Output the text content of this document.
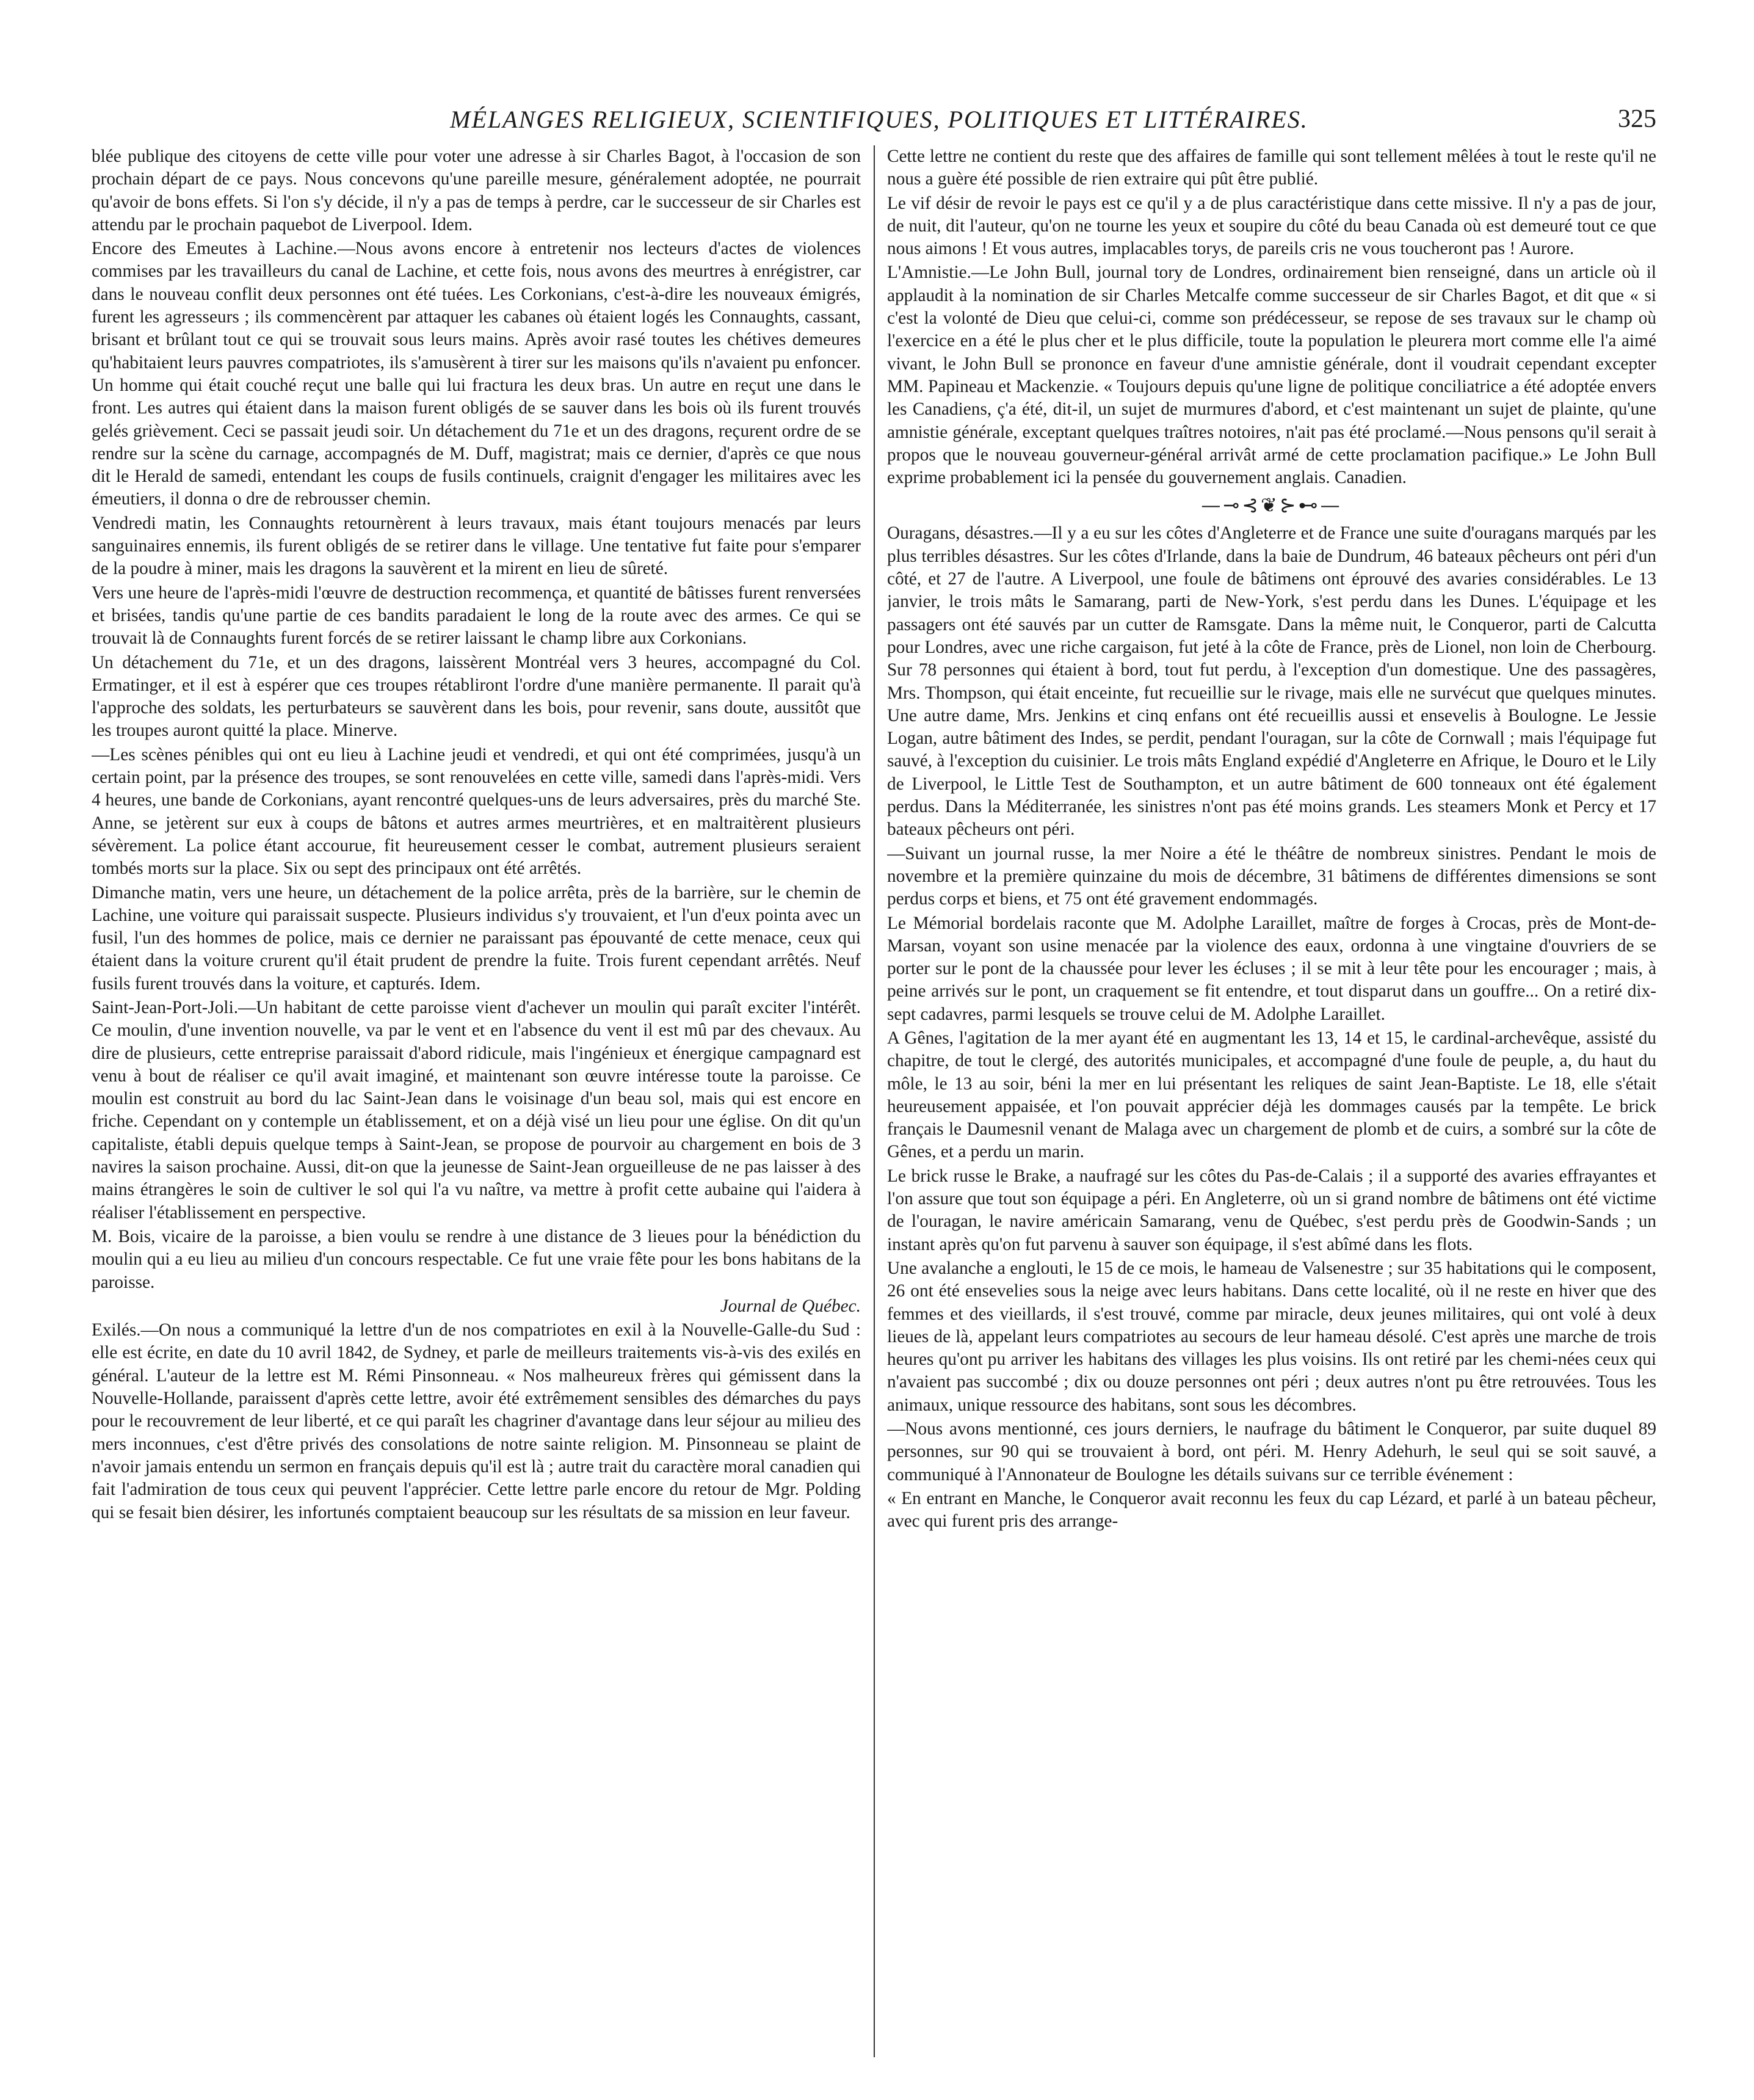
MÉLANGES RELIGIEUX, SCIENTIFIQUES, POLITIQUES ET LITTÉRAIRES.	325

blée publique des citoyens de cette ville pour voter une adresse à sir Charles Bagot, à l'occasion de son prochain départ de ce pays. Nous concevons qu'une pareille mesure, généralement adoptée, ne pourrait qu'avoir de bons effets. Si l'on s'y décide, il n'y a pas de temps à perdre, car le successeur de sir Charles est attendu par le prochain paquebot de Liverpool. Idem.

Encore des Emeutes à Lachine.—Nous avons encore à entretenir nos lecteurs d'actes de violences commises par les travailleurs du canal de Lachine, et cette fois, nous avons des meurtres à enrégistrer, car dans le nouveau conflit deux personnes ont été tuées. Les Corkonians, c'est-à-dire les nouveaux émigrés, furent les agresseurs ; ils commencèrent par attaquer les cabanes où étaient logés les Connaughts, cassant, brisant et brûlant tout ce qui se trouvait sous leurs mains. Après avoir rasé toutes les chétives demeures qu'habitaient leurs pauvres compatriotes, ils s'amusèrent à tirer sur les maisons qu'ils n'avaient pu enfoncer. Un homme qui était couché reçut une balle qui lui fractura les deux bras. Un autre en reçut une dans le front. Les autres qui étaient dans la maison furent obligés de se sauver dans les bois où ils furent trouvés gelés grièvement. Ceci se passait jeudi soir. Un détachement du 71e et un des dragons, reçurent ordre de se rendre sur la scène du carnage, accompagnés de M. Duff, magistrat; mais ce dernier, d'après ce que nous dit le Herald de samedi, entendant les coups de fusils continuels, craignit d'engager les militaires avec les émeutiers, il donna o dre de rebrousser chemin.

Vendredi matin, les Connaughts retournèrent à leurs travaux, mais étant toujours menacés par leurs sanguinaires ennemis, ils furent obligés de se retirer dans le village. Une tentative fut faite pour s'emparer de la poudre à miner, mais les dragons la sauvèrent et la mirent en lieu de sûreté.

Vers une heure de l'après-midi l'œuvre de destruction recommença, et quantité de bâtisses furent renversées et brisées, tandis qu'une partie de ces bandits paradaient le long de la route avec des armes. Ce qui se trouvait là de Connaughts furent forcés de se retirer laissant le champ libre aux Corkonians.

Un détachement du 71e, et un des dragons, laissèrent Montréal vers 3 heures, accompagné du Col. Ermatinger, et il est à espérer que ces troupes rétabliront l'ordre d'une manière permanente. Il parait qu'à l'approche des soldats, les perturbateurs se sauvèrent dans les bois, pour revenir, sans doute, aussitôt que les troupes auront quitté la place. Minerve.

—Les scènes pénibles qui ont eu lieu à Lachine jeudi et vendredi, et qui ont été comprimées, jusqu'à un certain point, par la présence des troupes, se sont renouvelées en cette ville, samedi dans l'après-midi. Vers 4 heures, une bande de Corkonians, ayant rencontré quelques-uns de leurs adversaires, près du marché Ste. Anne, se jetèrent sur eux à coups de bâtons et autres armes meurtrières, et en maltraitèrent plusieurs sévèrement. La police étant accourue, fit heureusement cesser le combat, autrement plusieurs seraient tombés morts sur la place. Six ou sept des principaux ont été arrêtés.

Dimanche matin, vers une heure, un détachement de la police arrêta, près de la barrière, sur le chemin de Lachine, une voiture qui paraissait suspecte. Plusieurs individus s'y trouvaient, et l'un d'eux pointa avec un fusil, l'un des hommes de police, mais ce dernier ne paraissant pas épouvanté de cette menace, ceux qui étaient dans la voiture crurent qu'il était prudent de prendre la fuite. Trois furent cependant arrêtés. Neuf fusils furent trouvés dans la voiture, et capturés. Idem.

Saint-Jean-Port-Joli.—Un habitant de cette paroisse vient d'achever un moulin qui paraît exciter l'intérêt. Ce moulin, d'une invention nouvelle, va par le vent et en l'absence du vent il est mû par des chevaux. Au dire de plusieurs, cette entreprise paraissait d'abord ridicule, mais l'ingénieux et énergique campagnard est venu à bout de réaliser ce qu'il avait imaginé, et maintenant son œuvre intéresse toute la paroisse. Ce moulin est construit au bord du lac Saint-Jean dans le voisinage d'un beau sol, mais qui est encore en friche. Cependant on y contemple un établissement, et on a déjà visé un lieu pour une église. On dit qu'un capitaliste, établi depuis quelque temps à Saint-Jean, se propose de pourvoir au chargement en bois de 3 navires la saison prochaine. Aussi, dit-on que la jeunesse de Saint-Jean orgueilleuse de ne pas laisser à des mains étrangères le soin de cultiver le sol qui l'a vu naître, va mettre à profit cette aubaine qui l'aidera à réaliser l'établissement en perspective.

M. Bois, vicaire de la paroisse, a bien voulu se rendre à une distance de 3 lieues pour la bénédiction du moulin qui a eu lieu au milieu d'un concours respectable. Ce fut une vraie fête pour les bons habitans de la paroisse.

Journal de Québec.

Exilés.—On nous a communiqué la lettre d'un de nos compatriotes en exil à la Nouvelle-Galle-du Sud : elle est écrite, en date du 10 avril 1842, de Sydney, et parle de meilleurs traitements vis-à-vis des exilés en général. L'auteur de la lettre est M. Rémi Pinsonneau. « Nos malheureux frères qui gémissent dans la Nouvelle-Hollande, paraissent d'après cette lettre, avoir été extrêmement sensibles des démarches du pays pour le recouvrement de leur liberté, et ce qui paraît les chagriner d'avantage dans leur séjour au milieu des mers inconnues, c'est d'être privés des consolations de notre sainte religion. M. Pinsonneau se plaint de n'avoir jamais entendu un sermon en français depuis qu'il est là ; autre trait du caractère moral canadien qui fait l'admiration de tous ceux qui peuvent l'apprécier. Cette lettre parle encore du retour de Mgr. Polding qui se fesait bien désirer, les infortunés comptaient beaucoup sur les résultats de sa mission en leur faveur.

Cette lettre ne contient du reste que des affaires de famille qui sont tellement mêlées à tout le reste qu'il ne nous a guère été possible de rien extraire qui pût être publié.

Le vif désir de revoir le pays est ce qu'il y a de plus caractéristique dans cette missive. Il n'y a pas de jour, de nuit, dit l'auteur, qu'on ne tourne les yeux et soupire du côté du beau Canada où est demeuré tout ce que nous aimons ! Et vous autres, implacables torys, de pareils cris ne vous toucheront pas ! Aurore.

L'Amnistie.—Le John Bull, journal tory de Londres, ordinairement bien renseigné, dans un article où il applaudit à la nomination de sir Charles Metcalfe comme successeur de sir Charles Bagot, et dit que « si c'est la volonté de Dieu que celui-ci, comme son prédécesseur, se repose de ses travaux sur le champ où l'exercice en a été le plus cher et le plus difficile, toute la population le pleurera mort comme elle l'a aimé vivant, le John Bull se prononce en faveur d'une amnistie générale, dont il voudrait cependant excepter MM. Papineau et Mackenzie. « Toujours depuis qu'une ligne de politique conciliatrice a été adoptée envers les Canadiens, ç'a été, dit-il, un sujet de murmures d'abord, et c'est maintenant un sujet de plainte, qu'une amnistie générale, exceptant quelques traîtres notoires, n'ait pas été proclamé.—Nous pensons qu'il serait à propos que le nouveau gouverneur-général arrivât armé de cette proclamation pacifique.» Le John Bull exprime probablement ici la pensée du gouvernement anglais. Canadien.

—⊸⊰❦⊱⊷—

Ouragans, désastres.—Il y a eu sur les côtes d'Angleterre et de France une suite d'ouragans marqués par les plus terribles désastres. Sur les côtes d'Irlande, dans la baie de Dundrum, 46 bateaux pêcheurs ont péri d'un côté, et 27 de l'autre. A Liverpool, une foule de bâtimens ont éprouvé des avaries considérables. Le 13 janvier, le trois mâts le Samarang, parti de New-York, s'est perdu dans les Dunes. L'équipage et les passagers ont été sauvés par un cutter de Ramsgate. Dans la même nuit, le Conqueror, parti de Calcutta pour Londres, avec une riche cargaison, fut jeté à la côte de France, près de Lionel, non loin de Cherbourg. Sur 78 personnes qui étaient à bord, tout fut perdu, à l'exception d'un domestique. Une des passagères, Mrs. Thompson, qui était enceinte, fut recueillie sur le rivage, mais elle ne survécut que quelques minutes. Une autre dame, Mrs. Jenkins et cinq enfans ont été recueillis aussi et ensevelis à Boulogne. Le Jessie Logan, autre bâtiment des Indes, se perdit, pendant l'ouragan, sur la côte de Cornwall ; mais l'équipage fut sauvé, à l'exception du cuisinier. Le trois mâts England expédié d'Angleterre en Afrique, le Douro et le Lily de Liverpool, le Little Test de Southampton, et un autre bâtiment de 600 tonneaux ont été également perdus. Dans la Méditerranée, les sinistres n'ont pas été moins grands. Les steamers Monk et Percy et 17 bateaux pêcheurs ont péri.

—Suivant un journal russe, la mer Noire a été le théâtre de nombreux sinistres. Pendant le mois de novembre et la première quinzaine du mois de décembre, 31 bâtimens de différentes dimensions se sont perdus corps et biens, et 75 ont été gravement endommagés.

Le Mémorial bordelais raconte que M. Adolphe Laraillet, maître de forges à Crocas, près de Mont-de-Marsan, voyant son usine menacée par la violence des eaux, ordonna à une vingtaine d'ouvriers de se porter sur le pont de la chaussée pour lever les écluses ; il se mit à leur tête pour les encourager ; mais, à peine arrivés sur le pont, un craquement se fit entendre, et tout disparut dans un gouffre... On a retiré dix-sept cadavres, parmi lesquels se trouve celui de M. Adolphe Laraillet.

A Gênes, l'agitation de la mer ayant été en augmentant les 13, 14 et 15, le cardinal-archevêque, assisté du chapitre, de tout le clergé, des autorités municipales, et accompagné d'une foule de peuple, a, du haut du môle, le 13 au soir, béni la mer en lui présentant les reliques de saint Jean-Baptiste. Le 18, elle s'était heureusement appaisée, et l'on pouvait apprécier déjà les dommages causés par la tempête. Le brick français le Daumesnil venant de Malaga avec un chargement de plomb et de cuirs, a sombré sur la côte de Gênes, et a perdu un marin.

Le brick russe le Brake, a naufragé sur les côtes du Pas-de-Calais ; il a supporté des avaries effrayantes et l'on assure que tout son équipage a péri. En Angleterre, où un si grand nombre de bâtimens ont été victime de l'ouragan, le navire américain Samarang, venu de Québec, s'est perdu près de Goodwin-Sands ; un instant après qu'on fut parvenu à sauver son équipage, il s'est abîmé dans les flots.

Une avalanche a englouti, le 15 de ce mois, le hameau de Valsenestre ; sur 35 habitations qui le composent, 26 ont été ensevelies sous la neige avec leurs habitans. Dans cette localité, où il ne reste en hiver que des femmes et des vieillards, il s'est trouvé, comme par miracle, deux jeunes militaires, qui ont volé à deux lieues de là, appelant leurs compatriotes au secours de leur hameau désolé. C'est après une marche de trois heures qu'ont pu arriver les habitans des villages les plus voisins. Ils ont retiré par les chemi-nées ceux qui n'avaient pas succombé ; dix ou douze personnes ont péri ; deux autres n'ont pu être retrouvées. Tous les animaux, unique ressource des habitans, sont sous les décombres.

—Nous avons mentionné, ces jours derniers, le naufrage du bâtiment le Conqueror, par suite duquel 89 personnes, sur 90 qui se trouvaient à bord, ont péri. M. Henry Adehurh, le seul qui se soit sauvé, a communiqué à l'Annonateur de Boulogne les détails suivans sur ce terrible événement :

« En entrant en Manche, le Conqueror avait reconnu les feux du cap Lézard, et parlé à un bateau pêcheur, avec qui furent pris des arrange-
